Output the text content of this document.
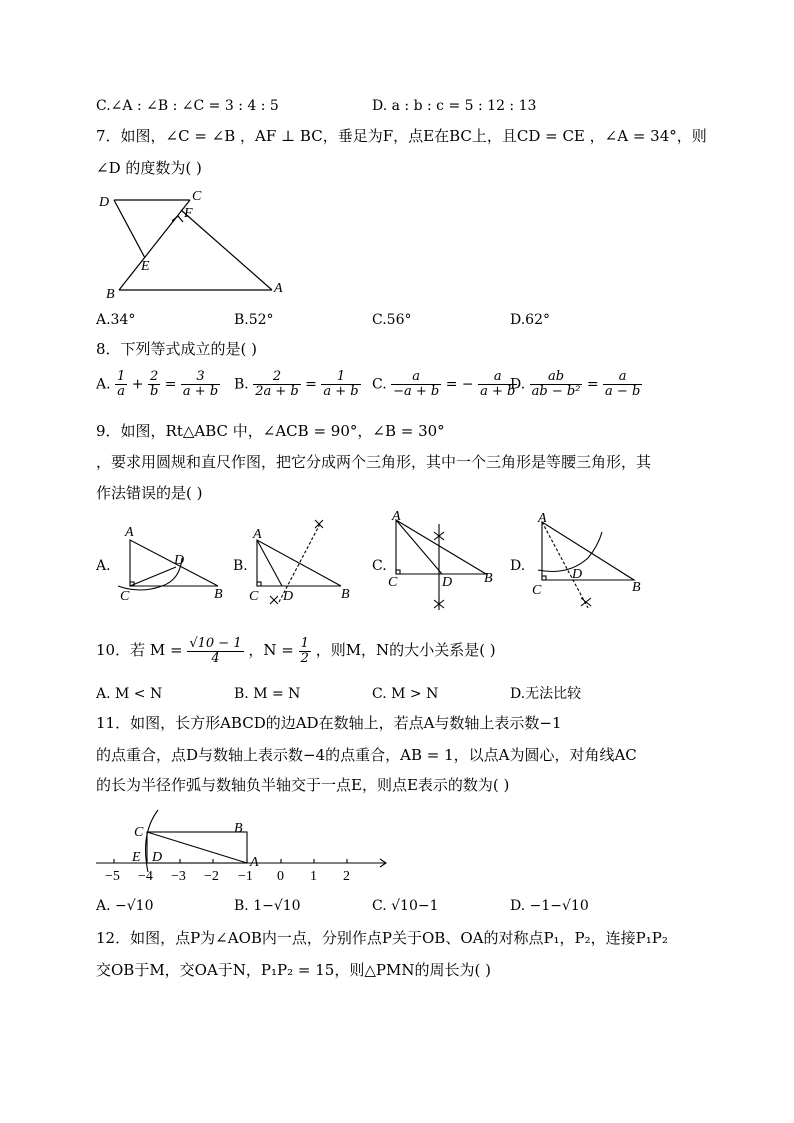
C.∠A : ∠B : ∠C = 3 : 4 : 5	D. a : b : c = 5 : 12 : 13
7．如图，∠C = ∠B ，AF ⊥ BC，垂足为F，点E在BC上，且CD = CE ，∠A = 34°，则
∠D 的度数为( )
D	C
F
E
B	A
A.34°	B.52°	C.56°	D.62°
8．下列等式成立的是( )
A. $\frac{1}{a} + \frac{2}{b} = \frac{3}{a + b} B$. $\frac{2}{2a + b} = \frac{1}{a + b} C$. $\frac{a}{-a + b}$ = − $\frac{a}{a + b}$
D. $\frac{ab}{\text{ab − b²}} = \frac{a}{a - b}$
9．如图，Rt△ABC 中，∠ACB = 90°，∠B = 30°
，要求用圆规和直尺作图，把它分成两个三角形，其中一个三角形是等腰三角形，其
作法错误的是( )
A.
A
D
C	B
B.
A
C D	B
C.
A
C	D B
D.
A
C
D
B
10．若 $M = \frac{√10 - 1}{4}$ ，$N = \frac{1}{2}$ ，则M，N的大小关系是( )
A. M < N	B. M = N	C. M > N	D.无法比较
11．如图，长方形ABCD的边AD在数轴上，若点A与数轴上表示数−1
的点重合，点D与数轴上表示数−4的点重合，AB = 1，以点A为圆心，对角线AC
的长为半径作弧与数轴负半轴交于一点E，则点E表示的数为( )
B
C
E D	A
−5 −4 −3 −2 −1 0 1 2
A. −√10	B. 1−√10	C. √10−1	D. −1−√10
12．如图，点P为∠AOB内一点，分别作点P关于OB、OA的对称点P₁，P₂，连接P₁P₂
交OB于M，交OA于N，P₁P₂ = 15，则△PMN的周长为( )
